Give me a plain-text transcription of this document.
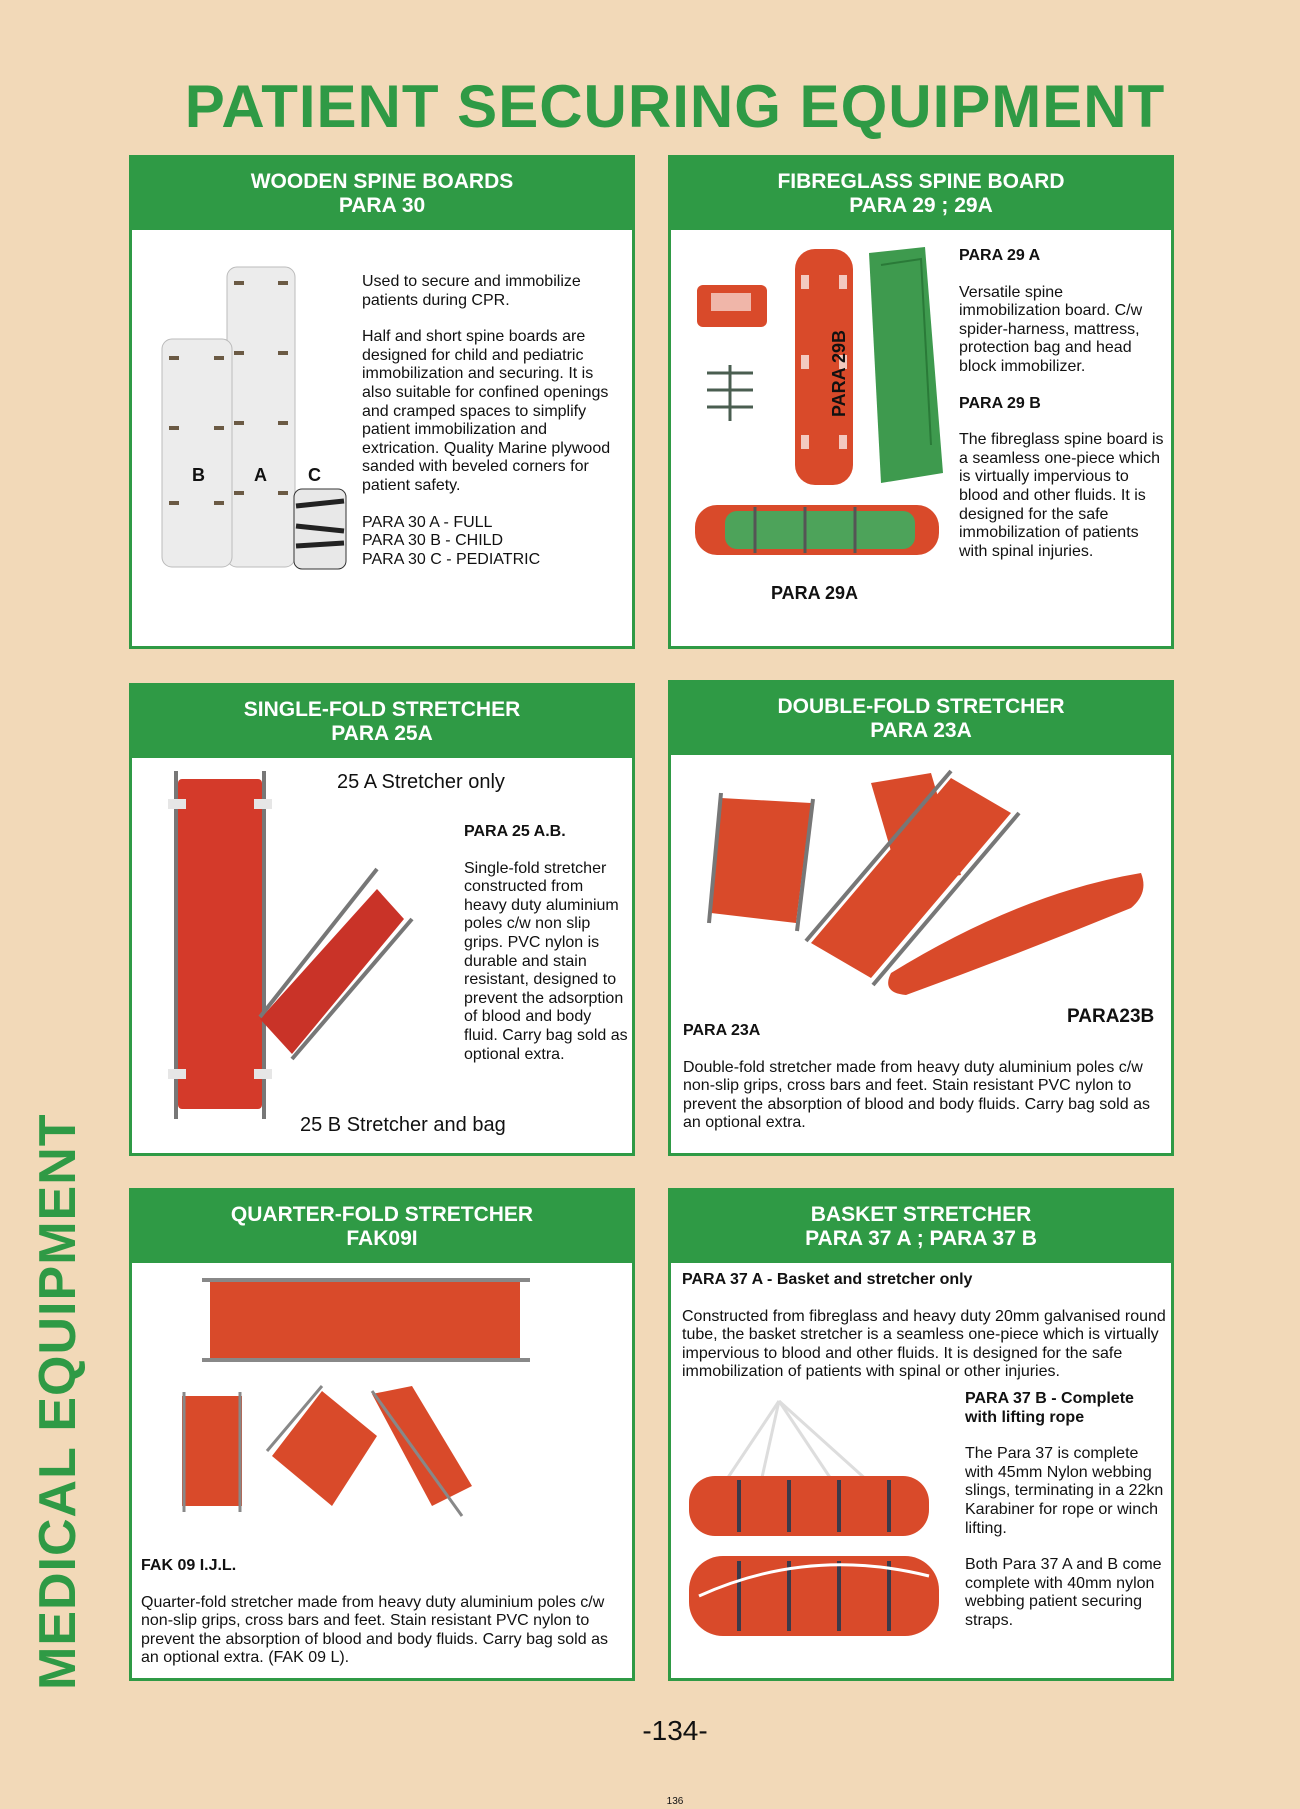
PATIENT SECURING EQUIPMENT
MEDICAL EQUIPMENT
WOODEN SPINE BOARDS
PARA 30
B	A C

Used to secure and immobilize patients during CPR.

Half and short spine boards are designed for child and pediatric immobilization and securing. It is also suitable for confined openings and cramped spaces to simplify patient immobilization and extrication. Quality Marine plywood sanded with beveled corners for patient safety.

PARA 30 A - FULL

PARA 30 B - CHILD

PARA 30 C - PEDIATRIC

FIBREGLASS SPINE BOARD
PARA 29 ; 29A
PARA 29B
PARA 29A

PARA 29 A

Versatile spine immobilization board. C/w spider-harness, mattress, protection bag and head block immobilizer.

PARA 29 B

The fibreglass spine board is a seamless one-piece which is virtually impervious to blood and other fluids. It is designed for the safe immobilization of patients with spinal injuries.

SINGLE-FOLD STRETCHER
PARA 25A
25 A Stretcher only

PARA 25 A.B.

Single-fold stretcher constructed from heavy duty aluminium poles c/w non slip grips. PVC nylon is durable and stain resistant, designed to prevent the adsorption of blood and body fluid. Carry bag sold as optional extra.

25 B Stretcher and bag
DOUBLE-FOLD STRETCHER
PARA 23A
PARA23B

PARA 23A

Double-fold stretcher made from heavy duty aluminium poles c/w non-slip grips, cross bars and feet. Stain resistant PVC nylon to prevent the absorption of blood and body fluids. Carry bag sold as an optional extra.

QUARTER-FOLD STRETCHER
FAK09I

FAK 09 I.J.L.

Quarter-fold stretcher made from heavy duty aluminium poles c/w non-slip grips, cross bars and feet. Stain resistant PVC nylon to prevent the absorption of blood and body fluids. Carry bag sold as an optional extra. (FAK 09 L).

BASKET STRETCHER
PARA 37 A ; PARA 37 B

PARA 37 A - Basket and stretcher only

Constructed from fibreglass and heavy duty 20mm galvanised round tube, the basket stretcher is a seamless one-piece which is virtually impervious to blood and other fluids. It is designed for the safe immobilization of patients with spinal or other injuries.

PARA 37 B - Complete with lifting rope

The Para 37 is complete with 45mm Nylon webbing slings, terminating in a 22kn Karabiner for rope or winch lifting.

Both Para 37 A and B come complete with 40mm nylon webbing patient securing straps.

-134-
136
